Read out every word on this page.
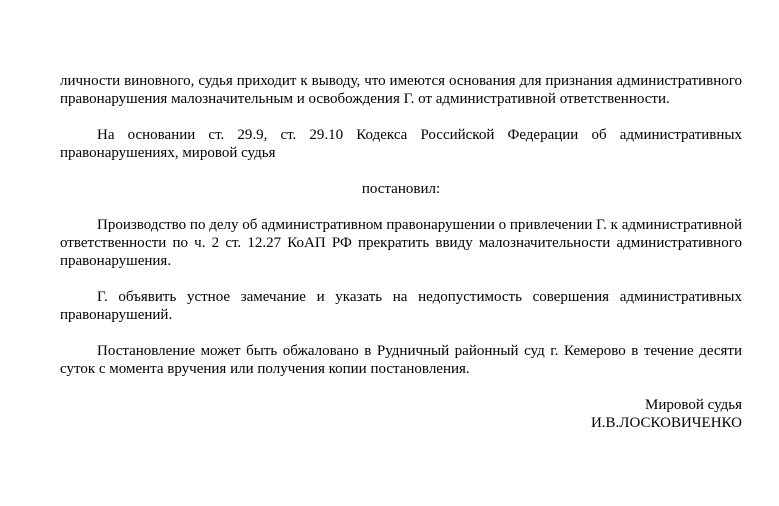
личности виновного, судья приходит к выводу, что имеются основания для признания административного правонарушения малозначительным и освобождения Г. от административной ответственности.

На основании ст. 29.9, ст. 29.10 Кодекса Российской Федерации об административных правонарушениях, мировой судья

постановил:

Производство по делу об административном правонарушении о привлечении Г. к административной ответственности по ч. 2 ст. 12.27 КоАП РФ прекратить ввиду малозначительности административного правонарушения.

Г. объявить устное замечание и указать на недопустимость совершения административных правонарушений.

Постановление может быть обжаловано в Рудничный районный суд г. Кемерово в течение десяти суток с момента вручения или получения копии постановления.

Мировой судья

И.В.ЛОСКОВИЧЕНКО
